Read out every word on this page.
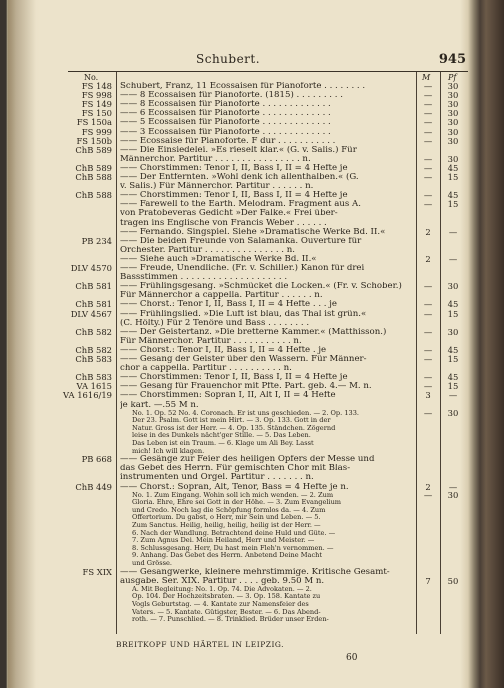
Schubert.	945
No.	M Pf
FS 148 Schubert, Franz, 11 Ecossaisen für Pianoforte . . . . . . . .	—	30
FS 998 —— 8 Ecossaisen für Pianoforte. (1815) . . . . . . . . .	—	30
FS 149 —— 8 Ecossaisen für Pianoforte . . . . . . . . . . . . .	—	30
FS 150 —— 6 Ecossaisen für Pianoforte . . . . . . . . . . . . .	—	30
FS 150a —— 5 Ecossaisen für Pianoforte . . . . . . . . . . . . .	—	30
FS 999 —— 3 Ecossaisen für Pianoforte . . . . . . . . . . . . .	—	30
FS 150b —— Ecossaise für Pianoforte. F dur . . . . . . . . . . .	—	30
ChB 589 —— Die Einsiedelei. »Es rieselt klar.« (G. v. Salis.) Für
Männerchor. Partitur . . . . . . . . . . . . . . . . n.	—	30
ChB 589 —— Chorstimmen: Tenor I, II, Bass I, II = 4 Hefte je	—	45
ChB 588 —— Der Entfernten. »Wohl denk ich allenthalben.« (G.	—	15
v. Salis.) Für Männerchor. Partitur . . . . . . n.
ChB 588 —— Chorstimmen: Tenor I, II, Bass I, II = 4 Hefte je	—	45
—— Farewell to the Earth. Melodram. Fragment aus A.	—	15
von Pratobeveras Gedicht »Der Falke.« Frei über-
tragen ins Englische von Francis Weber . . . . . .
—— Fernando. Singspiel. Siehe »Dramatische Werke Bd. II.«	2	—
PB 234 —— Die beiden Freunde von Salamanka. Ouverture für
Orchester. Partitur . . . . . . . . . . . . . . . n.
—— Siehe auch »Dramatische Werke Bd. II.«	2	—
DLV 4570 —— Freude, Unendliche. (Fr. v. Schiller.) Kanon für drei
Bassstimmen . . . . . . . . . . . . . . . . . . . .
ChB 581 —— Frühlingsgesang. »Schmücket die Locken.« (Fr. v. Schober.)	—	30
Für Männerchor a cappella. Partitur . . . . . . n.
ChB 581 —— Chorst.: Tenor I, II, Bass I, II = 4 Hefte . . . je	—	45
DLV 4567 —— Frühlingslied. »Die Luft ist blau, das Thal ist grün.«	—	15
(C. Hölty.) Für 2 Tenöre und Bass . . . . . . . .
ChB 582 —— Der Geistertanz. »Die bretterne Kammer.« (Matthisson.)	—	30
Für Männerchor. Partitur . . . . . . . . . . . n.
ChB 582 —— Chorst.: Tenor I, II, Bass I, II = 4 Hefte . je	—	45
ChB 583 —— Gesang der Geister über den Wassern. Für Männer-	—	15
chor a cappella. Partitur . . . . . . . . . . n.
ChB 583 —— Chorstimmen: Tenor I, II, Bass I, II = 4 Hefte je	—	45
VA 1615 —— Gesang für Frauenchor mit Pfte. Part. geb. 4.— M. n.	—	15
VA 1616/19 —— Chorstimmen: Sopran I, II, Alt I, II = 4 Hefte	3	—
je kart. —.55 M n.
No. 1. Op. 52 No. 4. Coronach. Er ist uns geschieden. — 2. Op. 133.	—	30
Der 23. Psalm. Gott ist mein Hirt. — 3. Op. 133. Gott in der
Natur. Gross ist der Herr. — 4. Op. 135. Ständchen. Zögernd
leise in des Dunkels nächt'ger Stille. — 5. Das Leben.
Das Leben ist ein Traum. — 6. Klage um Ali Bey. Lasst
mich! Ich will klagen.
PB 668 —— Gesänge zur Feier des heiligen Opfers der Messe und
das Gebet des Herrn. Für gemischten Chor mit Blas-
instrumenten und Orgel. Partitur . . . . . . . n.
ChB 449 —— Chorst.: Sopran, Alt, Tenor, Bass = 4 Hefte je n.	2	—
No. 1. Zum Eingang. Wohin soll ich mich wenden. — 2. Zum	—	30
Gloria. Ehre, Ehre sei Gott in der Höhe. — 3. Zum Evangelium
und Credo. Noch lag die Schöpfung formlos da. — 4. Zum
Offertorium. Du gabst, o Herr, mir Sein und Leben. — 5.
Zum Sanctus. Heilig, heilig, heilig, heilig ist der Herr. —
6. Nach der Wandlung. Betrachtend deine Huld und Güte. —
7. Zum Agnus Dei. Mein Heiland, Herr und Meister. —
8. Schlussgesang. Herr, Du hast mein Fleh'n vernommen. —
9. Anhang. Das Gebet des Herrn. Anbetend Deine Macht
und Grösse.
FS XIX —— Gesangwerke, kleinere mehrstimmige. Kritische Gesamt-
ausgabe. Ser. XIX. Partitur . . . . geb. 9.50 M n.	7	50
A. Mit Begleitung: No. 1. Op. 74. Die Advokaten. — 2.
Op. 104. Der Hochzeitsbraten. — 3. Op. 158. Kantate zu
Vogls Geburtstag. — 4. Kantate zur Namensfeier des
Vaters. — 5. Kantate. Gütigster, Bester. — 6. Das Abend-
roth. — 7. Punschlied. — 8. Trinklied. Brüder unser Erden-
BREITKOPF UND HÄRTEL IN LEIPZIG.
60
